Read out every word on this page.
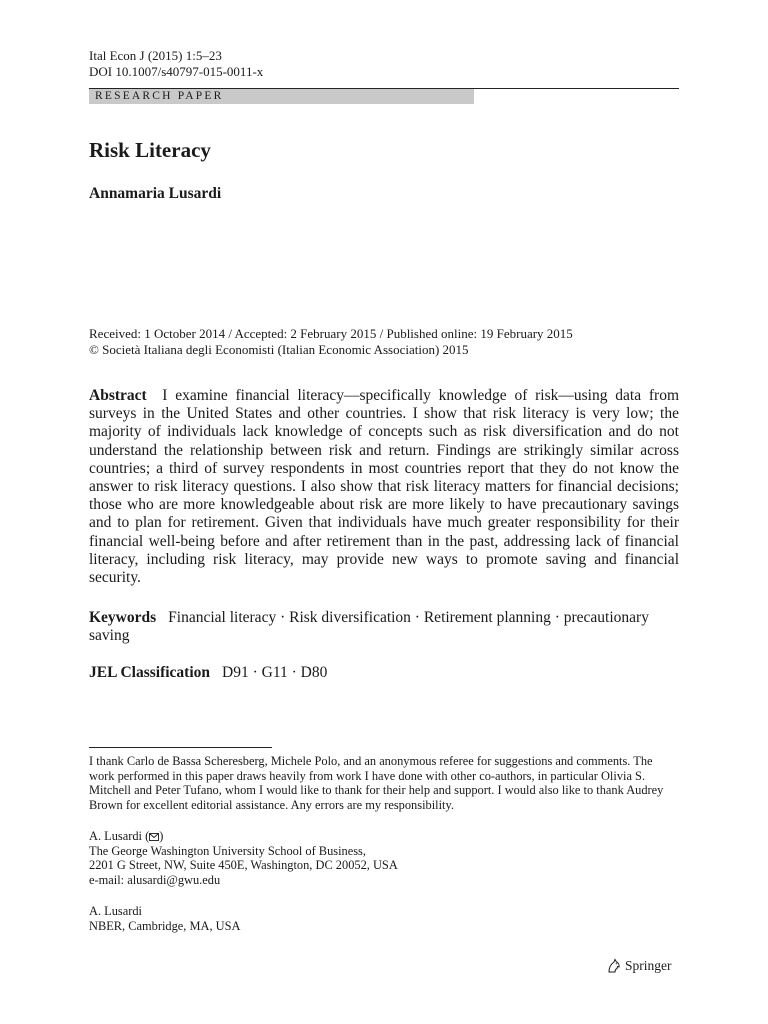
Ital Econ J (2015) 1:5–23
DOI 10.1007/s40797-015-0011-x
RESEARCH PAPER
Risk Literacy
Annamaria Lusardi
Received: 1 October 2014 / Accepted: 2 February 2015 / Published online: 19 February 2015
© Società Italiana degli Economisti (Italian Economic Association) 2015

Abstract I examine financial literacy—specifically knowledge of risk—using data from surveys in the United States and other countries. I show that risk literacy is very low; the majority of individuals lack knowledge of concepts such as risk diversification and do not understand the relationship between risk and return. Findings are strikingly similar across countries; a third of survey respondents in most countries report that they do not know the answer to risk literacy questions. I also show that risk literacy matters for financial decisions; those who are more knowledgeable about risk are more likely to have precautionary savings and to plan for retirement. Given that individuals have much greater responsibility for their financial well-being before and after retirement than in the past, addressing lack of financial literacy, including risk literacy, may provide new ways to promote saving and financial security.

Keywords Financial literacy · Risk diversification · Retirement planning · precautionary saving

JEL Classification D91 · G11 · D80

I thank Carlo de Bassa Scheresberg, Michele Polo, and an anonymous referee for suggestions and comments. The work performed in this paper draws heavily from work I have done with other co-authors, in particular Olivia S. Mitchell and Peter Tufano, whom I would like to thank for their help and support. I would also like to thank Audrey Brown for excellent editorial assistance. Any errors are my responsibility.

A. Lusardi ( )
The George Washington University School of Business,
2201 G Street, NW, Suite 450E, Washington, DC 20052, USA
e-mail: alusardi@gwu.edu
A. Lusardi
NBER, Cambridge, MA, USA
Springer
